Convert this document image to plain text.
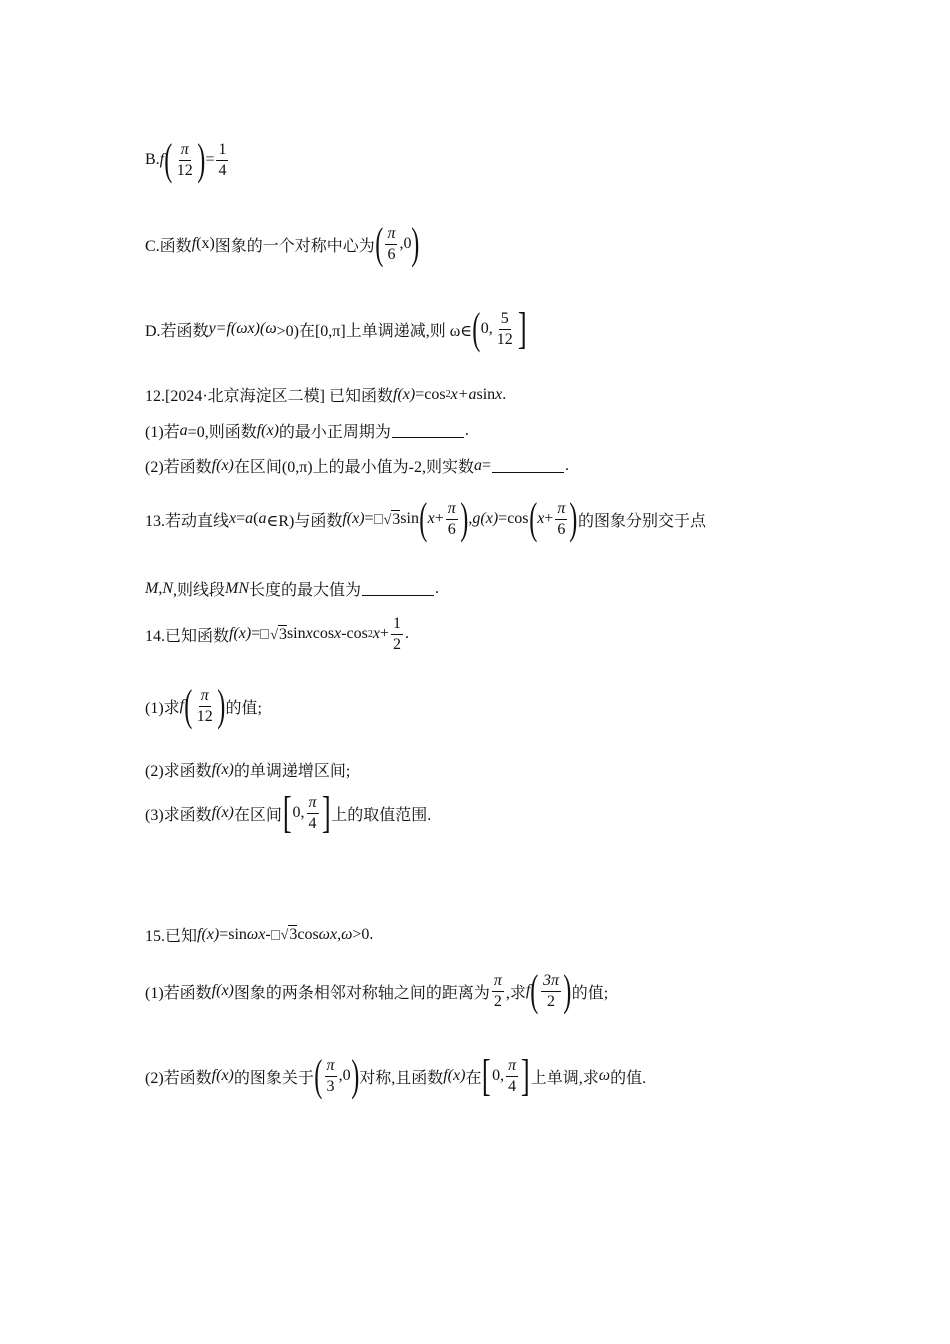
B. f ( $\frac{\pi}{12}$ ) = $\frac{1}{4}$
C.函数 f (x) 图象的一个对称中心为 ( $\frac{\pi}{6} ,0$ )
D.若函数 y =f (ωx)( ω >0)在[0,π]上单调递减,则 ω∈ ( 0, $\frac{5}{12}$ ]
12.[2024·北京海淀区二模] 已知函数 f(x) =cos 2 x+ a sin x .
(1)若 a =0,则函数 f(x) 的最小正周期为	.
(2)若函数 f(x) 在区间(0,π)上的最小值为-2,则实数 a =	.
13.若动直线 x = a ( a ∈R)与函数 f(x) = √ 3 sin ( $x + \frac{\pi}{6}$ ) , g(x) =cos ( $x + \frac{\pi}{6}$ ) 的图象分别交于点
M , N ,则线段 MN 长度的最大值为	.
14.已知函数 f(x) = √ 3 sin x cos x -cos 2 $x + \frac{1}{2}$ .
(1)求 f ( $\frac{\pi}{12}$ ) 的值;
(2)求函数 f(x) 的单调递增区间;
(3)求函数 f(x) 在区间 [ 0, $\frac{\pi}{4}$ ] 上的取值范围.
15.已知 f(x) =sin ωx - √ 3 cos ωx , ω >0.
(1)若函数 f(x) 图象的两条相邻对称轴之间的距离为 $\frac{\pi}{2}$ ,求 f ( $\frac{3\pi}{2}$ ) 的值;
(2)若函数 f(x) 的图象关于 ( $\frac{\pi}{3} ,0$ ) 对称,且函数 f(x) 在 [ 0, $\frac{\pi}{4}$ ] 上单调,求 ω 的值.
